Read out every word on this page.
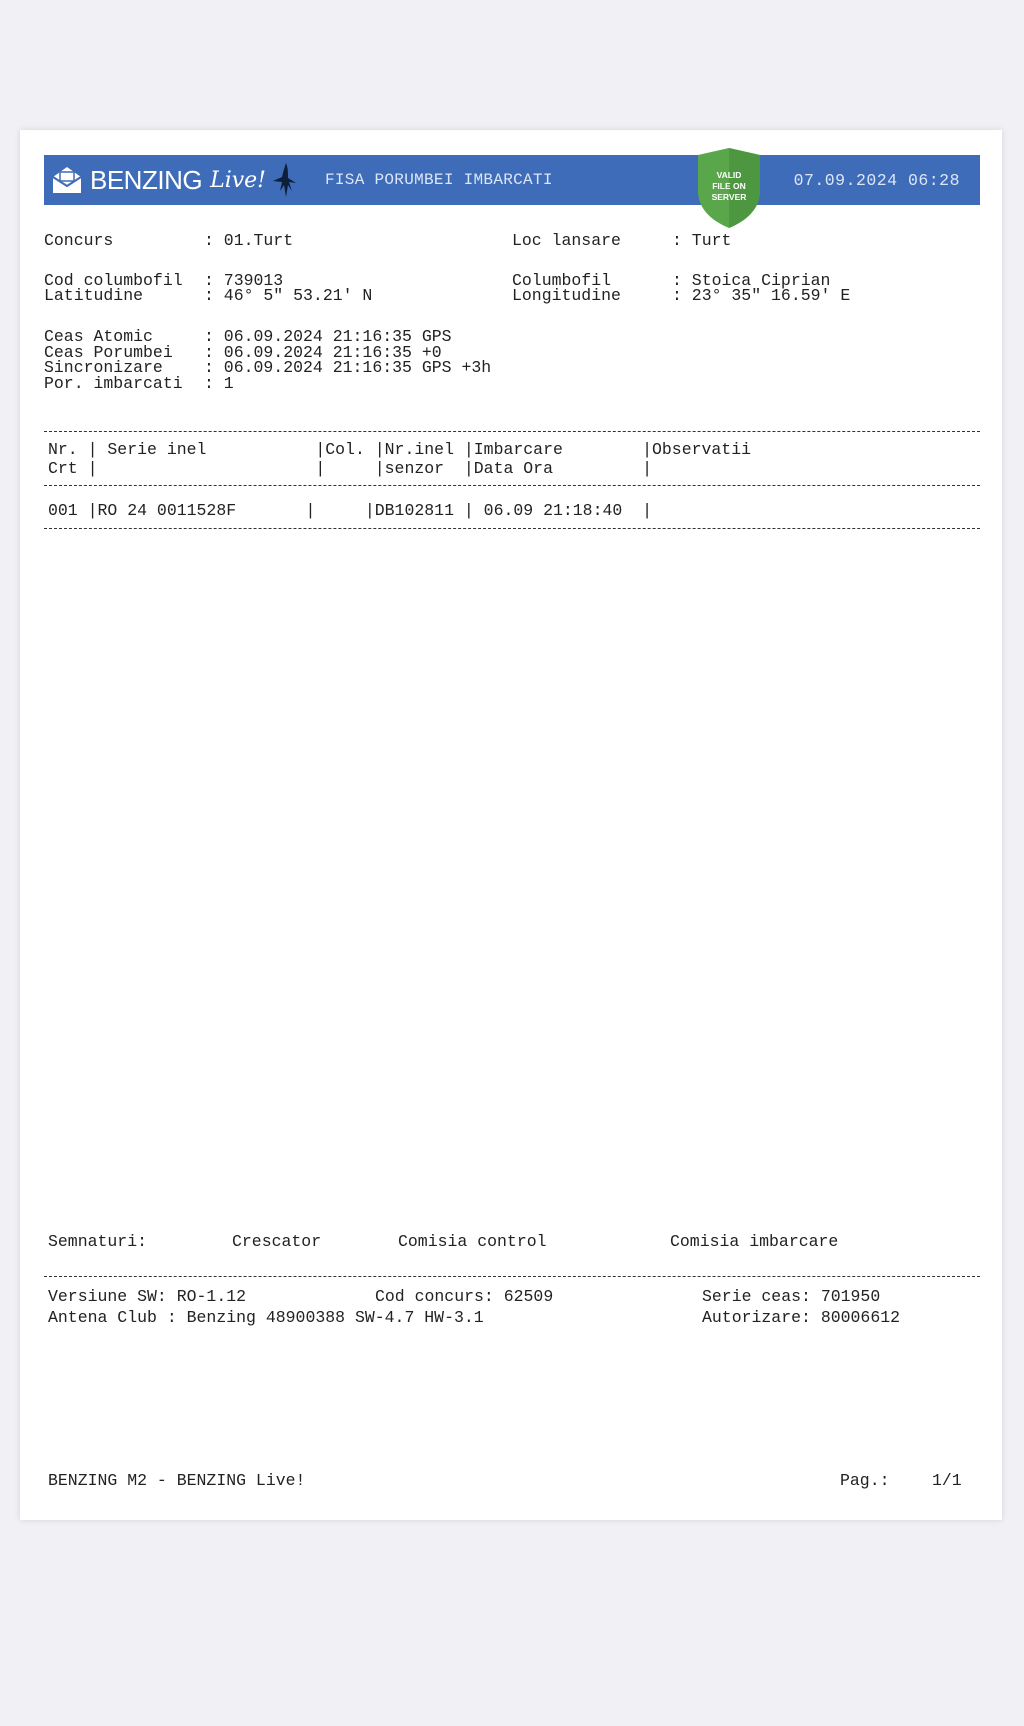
BENZING Live!	FISA PORUMBEI IMBARCATI	07.09.2024 06:28
VALID
FILE ON
SERVER
Concurs	: 01.Turt	Loc lansare	: Turt
Cod columbofil : 739013	Columbofil	: Stoica Ciprian
Latitudine	: 46° 5" 53.21' N	Longitudine	: 23° 35" 16.59' E
Ceas Atomic	: 06.09.2024 21:16:35 GPS
Ceas Porumbei : 06.09.2024 21:16:35 +0
Sincronizare : 06.09.2024 21:16:35 GPS +3h
Por. imbarcati : 1
Nr. | Serie inel           |Col. |Nr.inel |Imbarcare        |Observatii
Crt |                      |     |senzor  |Data Ora         |
001 |RO 24 0011528F       |     |DB102811 | 06.09 21:18:40  |
Semnaturi:	Crescator	Comisia control	Comisia imbarcare
Versiune SW: RO-1.12	Cod concurs: 62509	Serie ceas: 701950
Antena Club : Benzing 48900388 SW-4.7 HW-3.1	Autorizare: 80006612
BENZING M2 - BENZING Live!	Pag.:	1/1
